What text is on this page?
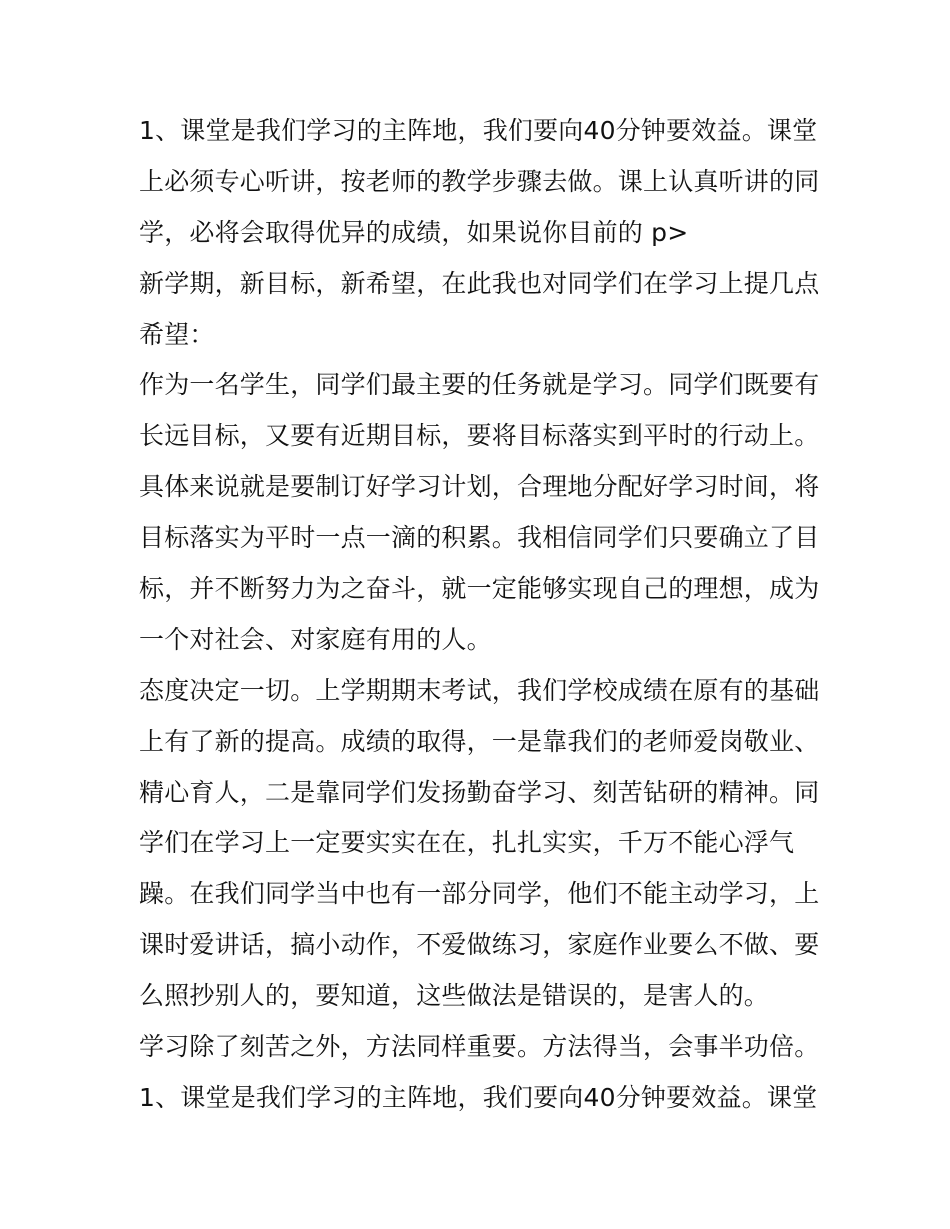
1、课堂是我们学习的主阵地，我们要向40分钟要效益。课堂
上必须专心听讲，按老师的教学步骤去做。课上认真听讲的同
学，必将会取得优异的成绩，如果说你目前的 p>
新学期，新目标，新希望，在此我也对同学们在学习上提几点
希望：
作为一名学生，同学们最主要的任务就是学习。同学们既要有
长远目标，又要有近期目标，要将目标落实到平时的行动上。
具体来说就是要制订好学习计划，合理地分配好学习时间，将
目标落实为平时一点一滴的积累。我相信同学们只要确立了目
标，并不断努力为之奋斗，就一定能够实现自己的理想，成为
一个对社会、对家庭有用的人。
态度决定一切。上学期期末考试，我们学校成绩在原有的基础
上有了新的提高。成绩的取得，一是靠我们的老师爱岗敬业、
精心育人，二是靠同学们发扬勤奋学习、刻苦钻研的精神。同
学们在学习上一定要实实在在，扎扎实实，千万不能心浮气
躁。在我们同学当中也有一部分同学，他们不能主动学习，上
课时爱讲话，搞小动作，不爱做练习，家庭作业要么不做、要
么照抄别人的，要知道，这些做法是错误的，是害人的。
学习除了刻苦之外，方法同样重要。方法得当，会事半功倍。
1、课堂是我们学习的主阵地，我们要向40分钟要效益。课堂
